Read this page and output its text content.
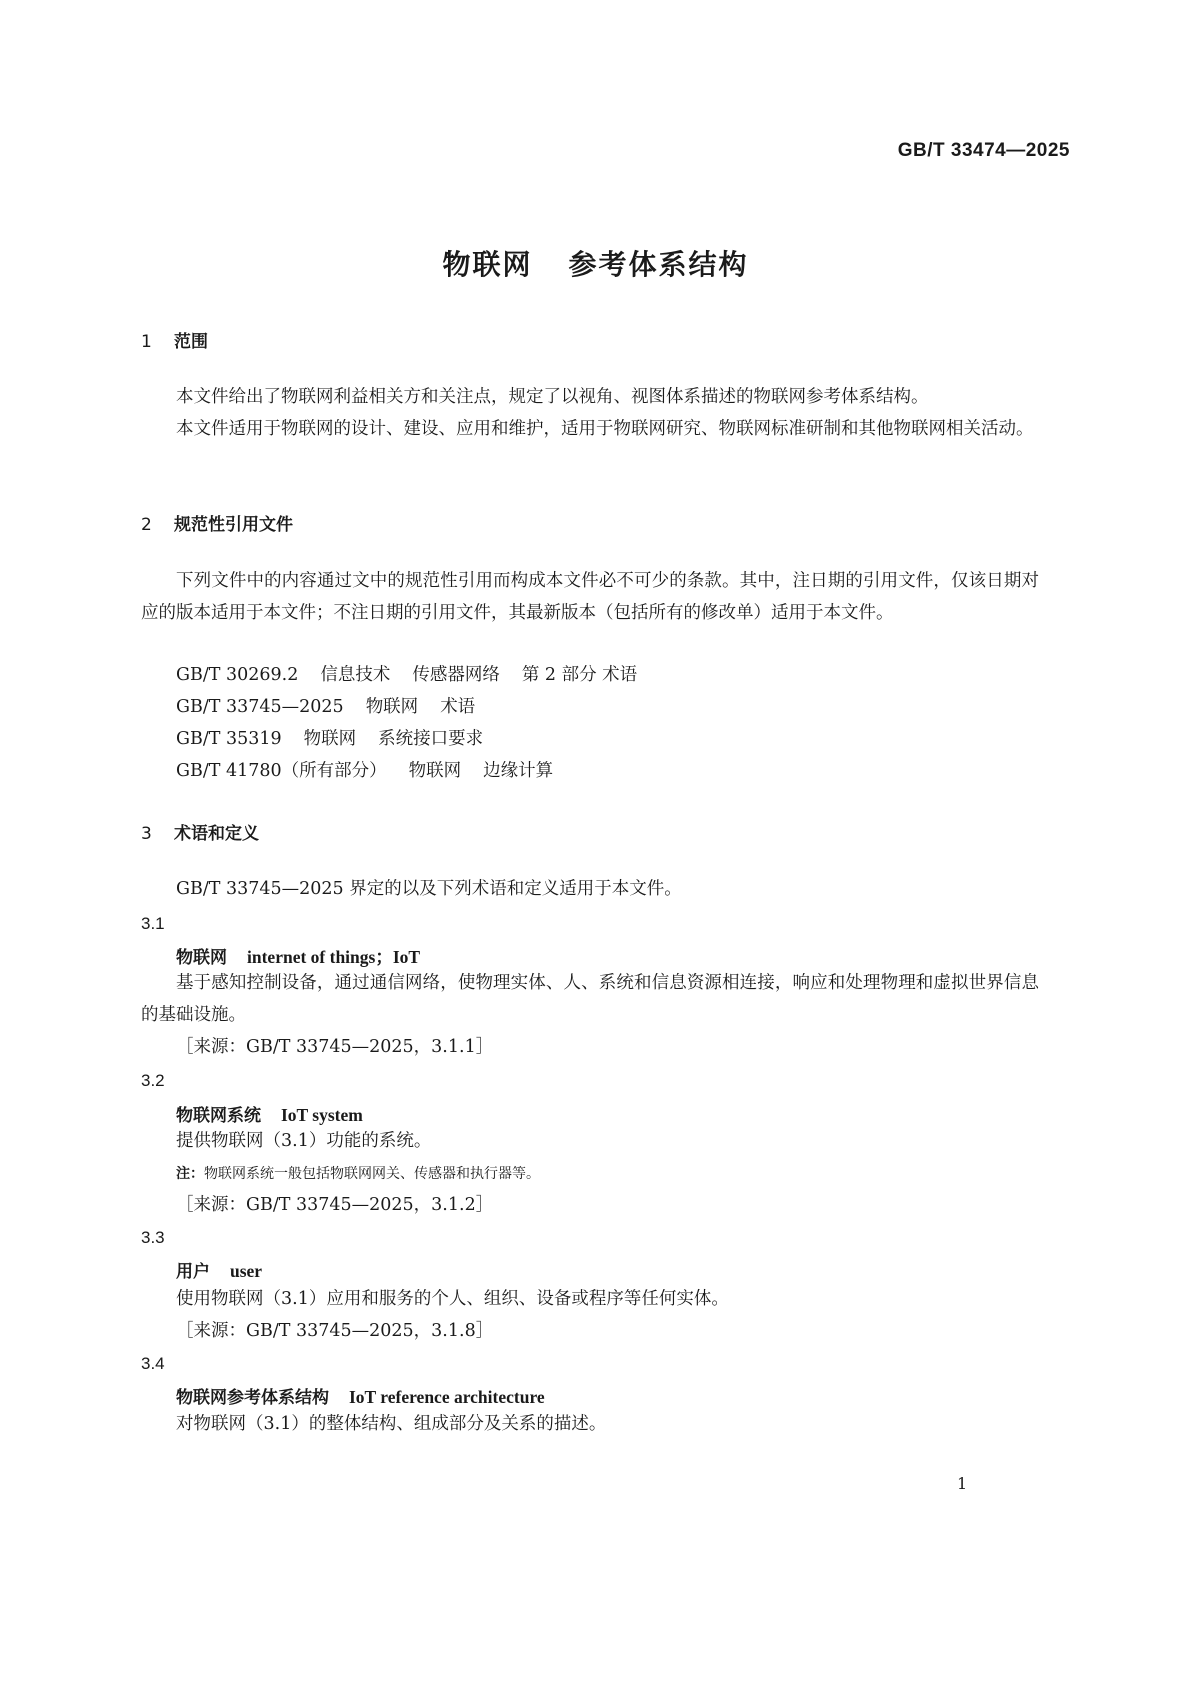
GB/T 33474—2025
物联网 参考体系结构
1 范围
本文件给出了物联网利益相关方和关注点，规定了以视角、视图体系描述的物联网参考体系结构。
本文件适用于物联网的设计、建设、应用和维护，适用于物联网研究、物联网标准研制和其他物联网相关活动。
2 规范性引用文件
下列文件中的内容通过文中的规范性引用而构成本文件必不可少的条款。其中，注日期的引用文件，仅该日期对应的版本适用于本文件；不注日期的引用文件，其最新版本（包括所有的修改单）适用于本文件。
GB/T 30269.2 信息技术 传感器网络 第 2 部分 术语
GB/T 33745—2025 物联网 术语
GB/T 35319 物联网 系统接口要求
GB/T 41780（所有部分） 物联网 边缘计算
3 术语和定义
GB/T 33745—2025 界定的以及下列术语和定义适用于本文件。
3.1
物联网 internet of things；IoT
基于感知控制设备，通过通信网络，使物理实体、人、系统和信息资源相连接，响应和处理物理和虚拟世界信息的基础设施。
［来源：GB/T 33745—2025，3.1.1］
3.2
物联网系统 IoT system
提供物联网（3.1）功能的系统。
注：物联网系统一般包括物联网网关、传感器和执行器等。
［来源：GB/T 33745—2025，3.1.2］
3.3
用户 user
使用物联网（3.1）应用和服务的个人、组织、设备或程序等任何实体。
［来源：GB/T 33745—2025，3.1.8］
3.4
物联网参考体系结构 IoT reference architecture
对物联网（3.1）的整体结构、组成部分及关系的描述。
1
